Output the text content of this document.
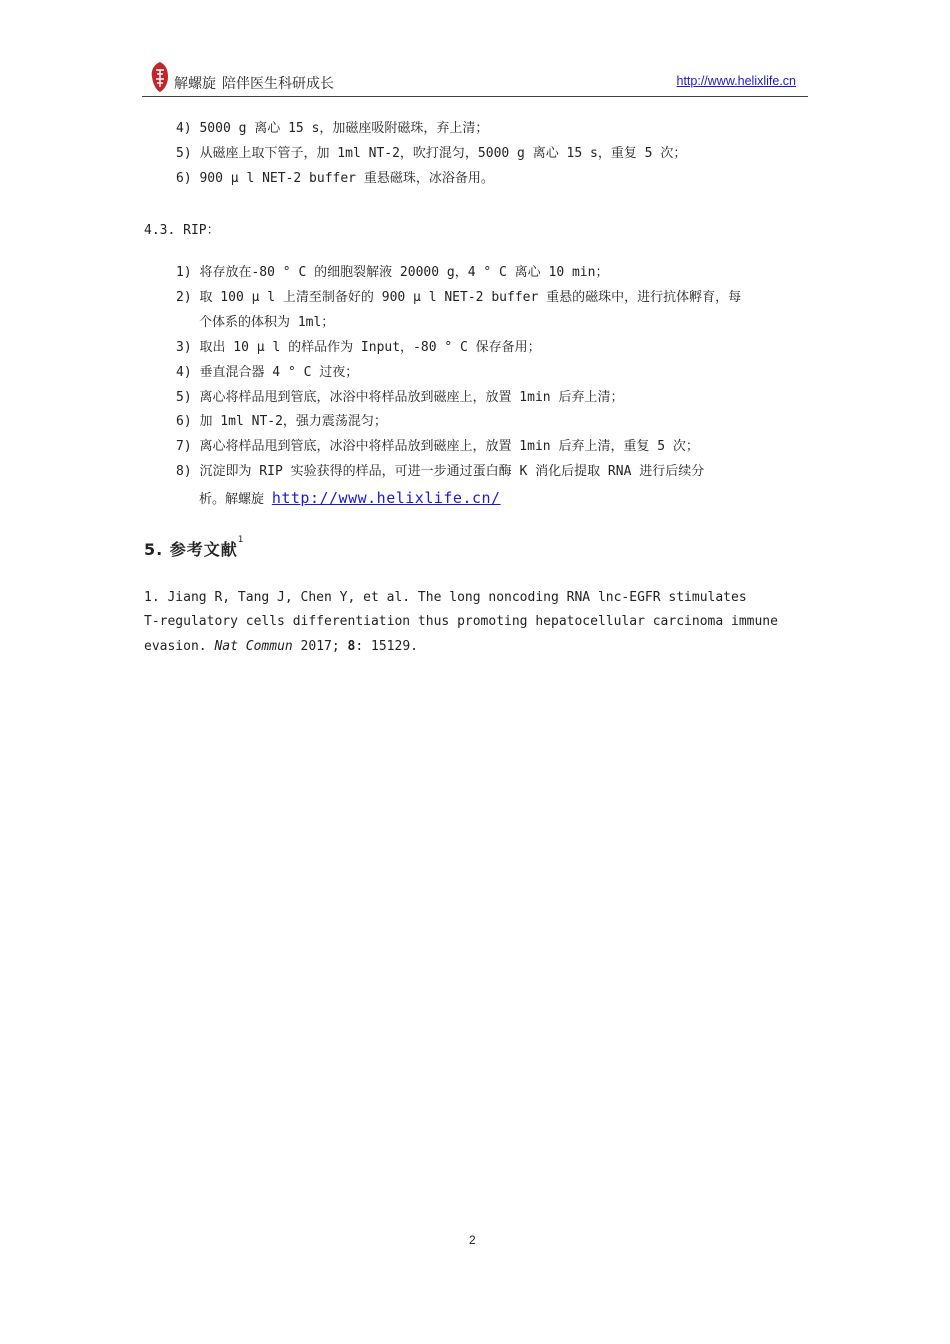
解螺旋 陪伴医生科研成长	http://www.helixlife.cn
4) 5000 g 离心 15 s，加磁座吸附磁珠，弃上清；
5) 从磁座上取下管子，加 1ml NT-2，吹打混匀，5000 g 离心 15 s，重复 5 次；
6) 900 μ l NET-2 buffer 重悬磁珠，冰浴备用。
4.3. RIP：
1) 将存放在-80 ° C 的细胞裂解液 20000 g，4 ° C 离心 10 min；
2) 取 100 μ l 上清至制备好的 900 μ l NET-2 buffer 重悬的磁珠中，进行抗体孵育，每
个体系的体积为 1ml；
3) 取出 10 μ l 的样品作为 Input，-80 ° C 保存备用；
4) 垂直混合器 4 ° C 过夜；
5) 离心将样品甩到管底，冰浴中将样品放到磁座上，放置 1min 后弃上清；
6) 加 1ml NT-2，强力震荡混匀；
7) 离心将样品甩到管底，冰浴中将样品放到磁座上，放置 1min 后弃上清，重复 5 次；
8) 沉淀即为 RIP 实验获得的样品，可进一步通过蛋白酶 K 消化后提取 RNA 进行后续分
析。解螺旋 http://www.helixlife.cn/
5. 参考文献$^1$
1. Jiang R, Tang J, Chen Y, et al. The long noncoding RNA lnc-EGFR stimulates
T-regulatory cells differentiation thus promoting hepatocellular carcinoma immune
evasion. Nat Commun 2017; 8: 15129.
2
